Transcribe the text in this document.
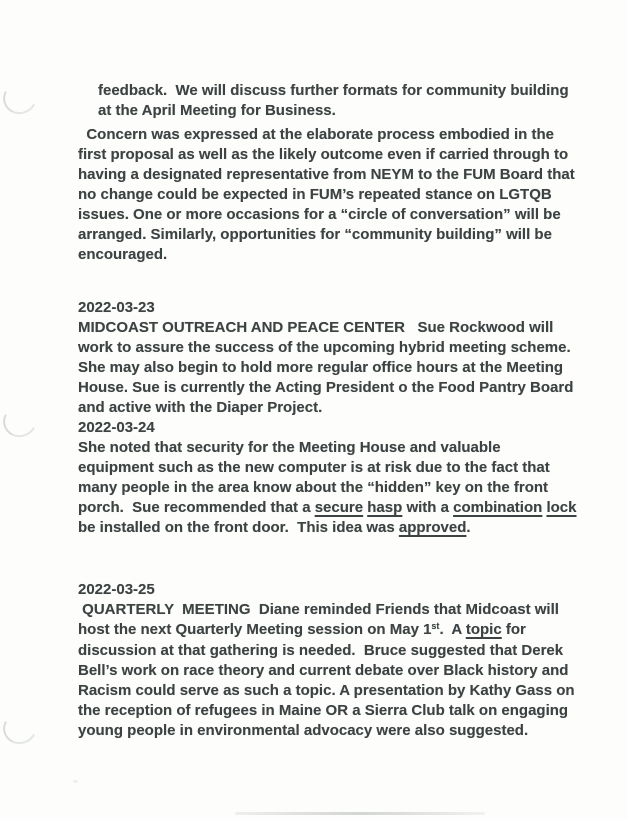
feedback.  We will discuss further formats for community building
at the April Meeting for Business.
Concern was expressed at the elaborate process embodied in the
first proposal as well as the likely outcome even if carried through to
having a designated representative from NEYM to the FUM Board that
no change could be expected in FUM’s repeated stance on LGTQB
issues. One or more occasions for a “circle of conversation” will be
arranged. Similarly, opportunities for “community building” will be
encouraged.
2022-03-23
MIDCOAST OUTREACH AND PEACE CENTER   Sue Rockwood will
work to assure the success of the upcoming hybrid meeting scheme.
She may also begin to hold more regular office hours at the Meeting
House. Sue is currently the Acting President o the Food Pantry Board
and active with the Diaper Project.
2022-03-24
She noted that security for the Meeting House and valuable
equipment such as the new computer is at risk due to the fact that
many people in the area know about the “hidden” key on the front
porch.  Sue recommended that a secure hasp with a combination lock
be installed on the front door.  This idea was approved.
2022-03-25
QUARTERLY  MEETING  Diane reminded Friends that Midcoast will
host the next Quarterly Meeting session on May 1st.  A topic for
discussion at that gathering is needed.  Bruce suggested that Derek
Bell’s work on race theory and current debate over Black history and
Racism could serve as such a topic. A presentation by Kathy Gass on
the reception of refugees in Maine OR a Sierra Club talk on engaging
young people in environmental advocacy were also suggested.
